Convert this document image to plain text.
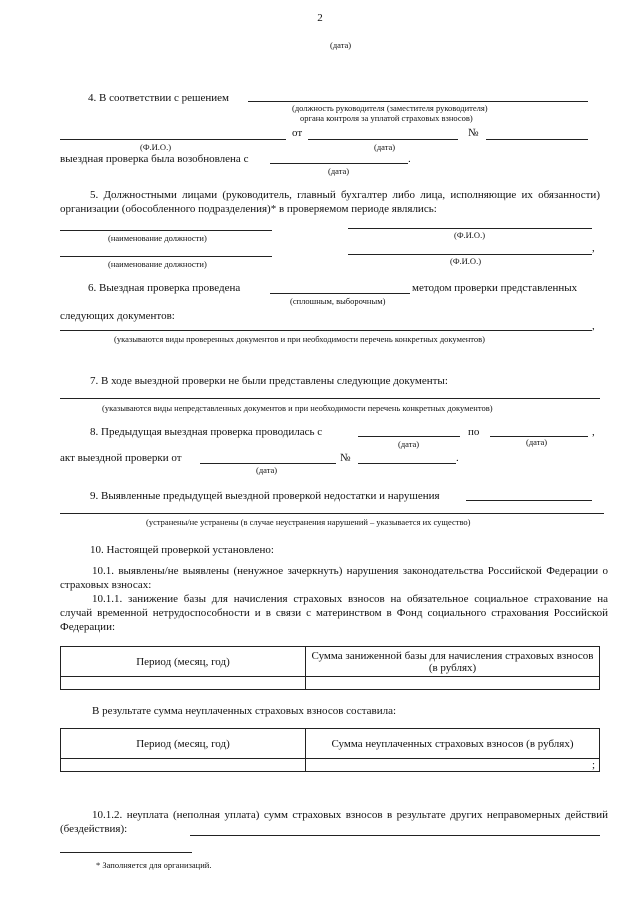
2
(дата)
4. В соответствии с решением
(должность руководителя (заместителя руководителя)
органа контроля за уплатой страховых взносов)
от	№
(Ф.И.О.)	(дата)
выездная проверка была возобновлена с	.
(дата)
5. Должностными лицами (руководитель, главный бухгалтер либо лица, исполняющие их обязанности) организации (обособленного подразделения)* в проверяемом периоде являлись:
(наименование должности)	(Ф.И.О.)
,
(наименование должности)	(Ф.И.О.)
6. Выездная проверка проведена	методом проверки представленных
(сплошным, выборочным)
следующих документов:
,
(указываются виды проверенных документов и при необходимости перечень конкретных документов)
7. В ходе выездной проверки не были представлены следующие документы:
(указываются виды непредставленных документов и при необходимости перечень конкретных документов)
8. Предыдущая выездная проверка проводилась с	по	,
(дата)	(дата)
акт выездной проверки от	№	.
(дата)
9. Выявленные предыдущей выездной проверкой недостатки и нарушения
(устранены/не устранены (в случае неустранения нарушений – указывается их существо)
10. Настоящей проверкой установлено:
10.1. выявлены/не выявлены (ненужное зачеркнуть) нарушения законодательства Российской Федерации о страховых взносах:
10.1.1. занижение базы для начисления страховых взносов на обязательное социальное страхование на случай временной нетрудоспособности и в связи с материнством в Фонд социального страхования Российской Федерации:
Период (месяц, год)	Сумма заниженной базы для начисления страховых взносов (в рублях)

В результате сумма неуплаченных страховых взносов составила:
Период (месяц, год)	Сумма неуплаченных страховых взносов (в рублях)
	;
10.1.2. неуплата (неполная уплата) сумм страховых взносов в результате других неправомерных действий (бездействия):
* Заполняется для организаций.
